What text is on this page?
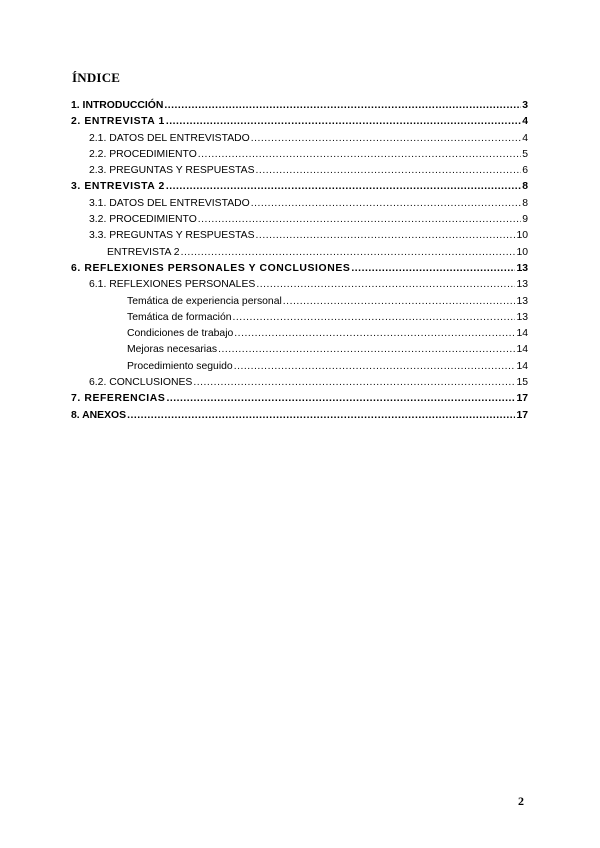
ÍNDICE
1. INTRODUCCIÓN .....	3
2. ENTREVISTA 1 .....	4
2.1. DATOS DEL ENTREVISTADO .....	4
2.2. PROCEDIMIENTO .....	5
2.3. PREGUNTAS Y RESPUESTAS .....	6
3. ENTREVISTA 2 .....	8
3.1. DATOS DEL ENTREVISTADO .....	8
3.2. PROCEDIMIENTO .....	9
3.3. PREGUNTAS Y RESPUESTAS .....	10
ENTREVISTA 2 .....	10
6. REFLEXIONES PERSONALES Y CONCLUSIONES .....	13
6.1. REFLEXIONES PERSONALES .....	13
Temática de experiencia personal .....	13
Temática de formación .....	13
Condiciones de trabajo .....	14
Mejoras necesarias .....	14
Procedimiento seguido .....	14
6.2. CONCLUSIONES .....	15
7. REFERENCIAS .....	17
8. ANEXOS .....	17
2
